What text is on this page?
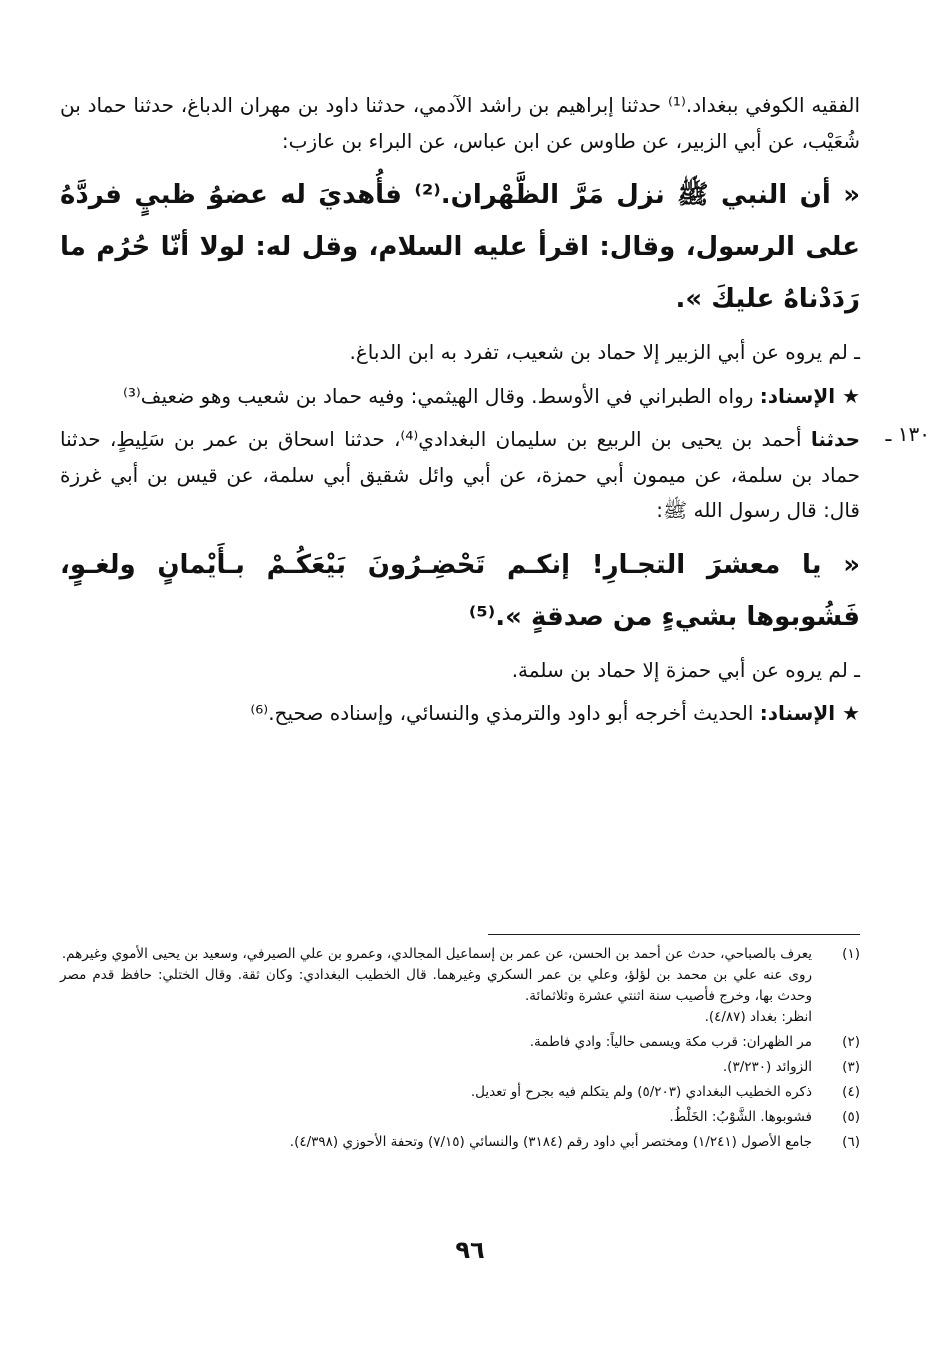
الفقيه الكوفي ببغداد.⁽¹⁾ حدثنا إبراهيم بن راشد الآدمي، حدثنا داود بن مهران الدباغ، حدثنا حماد بن شُعَيْب، عن أبي الزبير، عن طاوس عن ابن عباس، عن البراء بن عازب:

« أن النبي ﷺ نزل مَرَّ الظَّهْران.⁽²⁾ فأُهديَ له عضوُ ظبيٍ فردَّهُ على الرسول، وقال: اقرأ عليه السلام، وقل له: لولا أنّا حُرُم ما رَدَدْناهُ عليكَ ».

ـ لم يروه عن أبي الزبير إلا حماد بن شعيب، تفرد به ابن الدباغ.

★ الإسناد: رواه الطبراني في الأوسط. وقال الهيثمي: وفيه حماد بن شعيب وهو ضعيف⁽³⁾

١٣٠ ـ

حدثنا أحمد بن يحيى بن الربيع بن سليمان البغدادي⁽⁴⁾، حدثنا اسحاق بن عمر بن سَلِيطٍ، حدثنا حماد بن سلمة، عن ميمون أبي حمزة، عن أبي وائل شقيق أبي سلمة، عن قيس بن أبي غرزة قال: قال رسول الله ﷺ:

« يا معشرَ التجـارِ! إنكـم تَحْضِـرُونَ بَيْعَكُـمْ بـأَيْمانٍ ولغـوٍ، فَشُوبوها بشيءٍ من صدقةٍ ».⁽⁵⁾

ـ لم يروه عن أبي حمزة إلا حماد بن سلمة.

★ الإسناد: الحديث أخرجه أبو داود والترمذي والنسائي، وإسناده صحيح.⁽⁶⁾

(١)
يعرف بالصباحي، حدث عن أحمد بن الحسن، عن عمر بن إسماعيل المجالدي، وعمرو بن علي الصيرفي، وسعيد بن يحيى الأموي وغيرهم.
روى عنه علي بن محمد بن لؤلؤ، وعلي بن عمر السكري وغيرهما. قال الخطيب البغدادي: وكان ثقة. وقال الختلي: حافظ قدم مصر وحدث بها، وخرج فأصيب سنة اثنتي عشرة وثلاثمائة.
انظر: بغداد (٤/٨٧).
(٢)
مر الظهران: قرب مكة ويسمى حالياً: وادي فاطمة.
(٣)
الزوائد (٣/٢٣٠).
(٤)
ذكره الخطيب البغدادي (٥/٢٠٣) ولم يتكلم فيه بجرح أو تعديل.
(٥)
فشوبوها. الشَّوْبُ: الخَلْطُ.
(٦)
جامع الأصول (١/٢٤١) ومختصر أبي داود رقم (٣١٨٤) والنسائي (٧/١٥) وتحفة الأحوزي (٤/٣٩٨).
٩٦
